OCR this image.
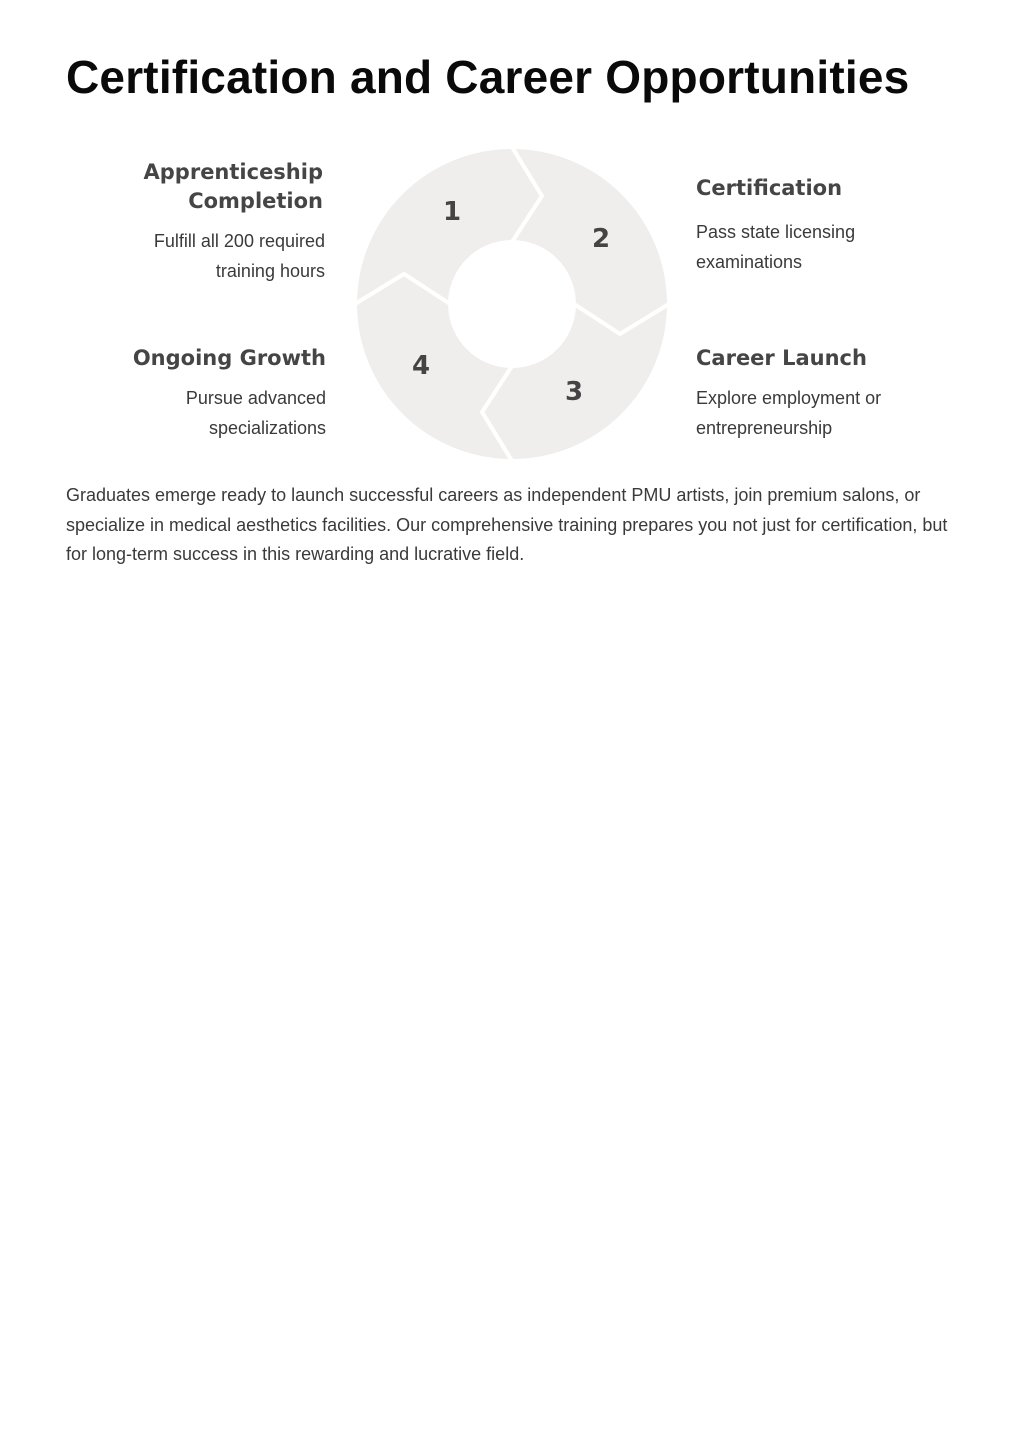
Certification and Career Opportunities
1
2
3
4
Apprenticeship Completion

Fulfill all 200 required training hours

Certification

Pass state licensing examinations

Career Launch

Explore employment or entrepreneurship

Ongoing Growth

Pursue advanced specializations

Graduates emerge ready to launch successful careers as independent PMU artists, join premium salons, or specialize in medical aesthetics facilities. Our comprehensive training prepares you not just for certification, but for long-term success in this rewarding and lucrative field.
